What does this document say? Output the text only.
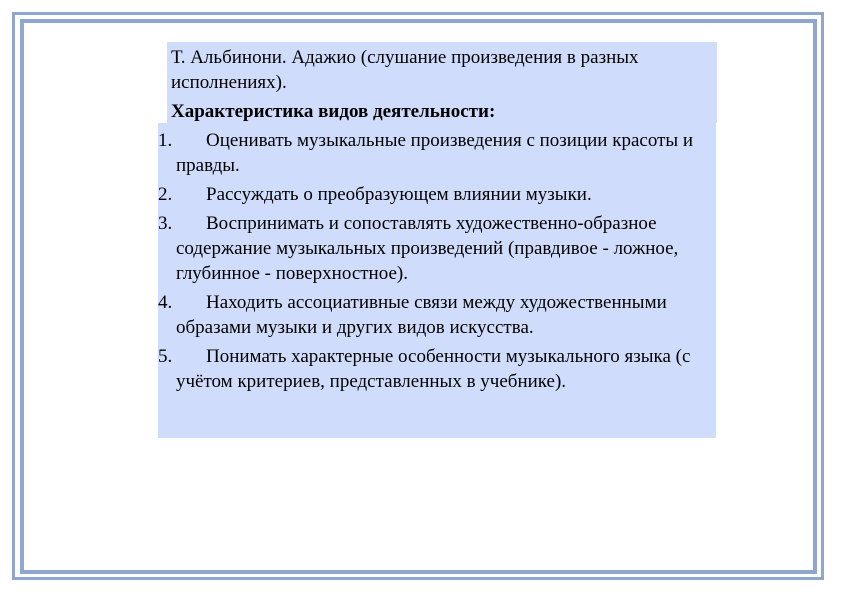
Т. Альбинони. Адажио (слушание произведения в разных исполнениях).
Характеристика видов деятельности:
1. Оценивать музыкальные произведения с позиции красоты и правды.
2. Рассуждать о преобразующем влиянии музыки.
3. Воспринимать и сопоставлять художественно-образное содержание музыкальных произведений (правдивое - ложное, глубинное - поверхностное).
4. Находить ассоциативные связи между художественными образами музыки и других видов искусства.
5. Понимать характерные особенности музыкального языка (с учётом критериев, представленных в учебнике).
